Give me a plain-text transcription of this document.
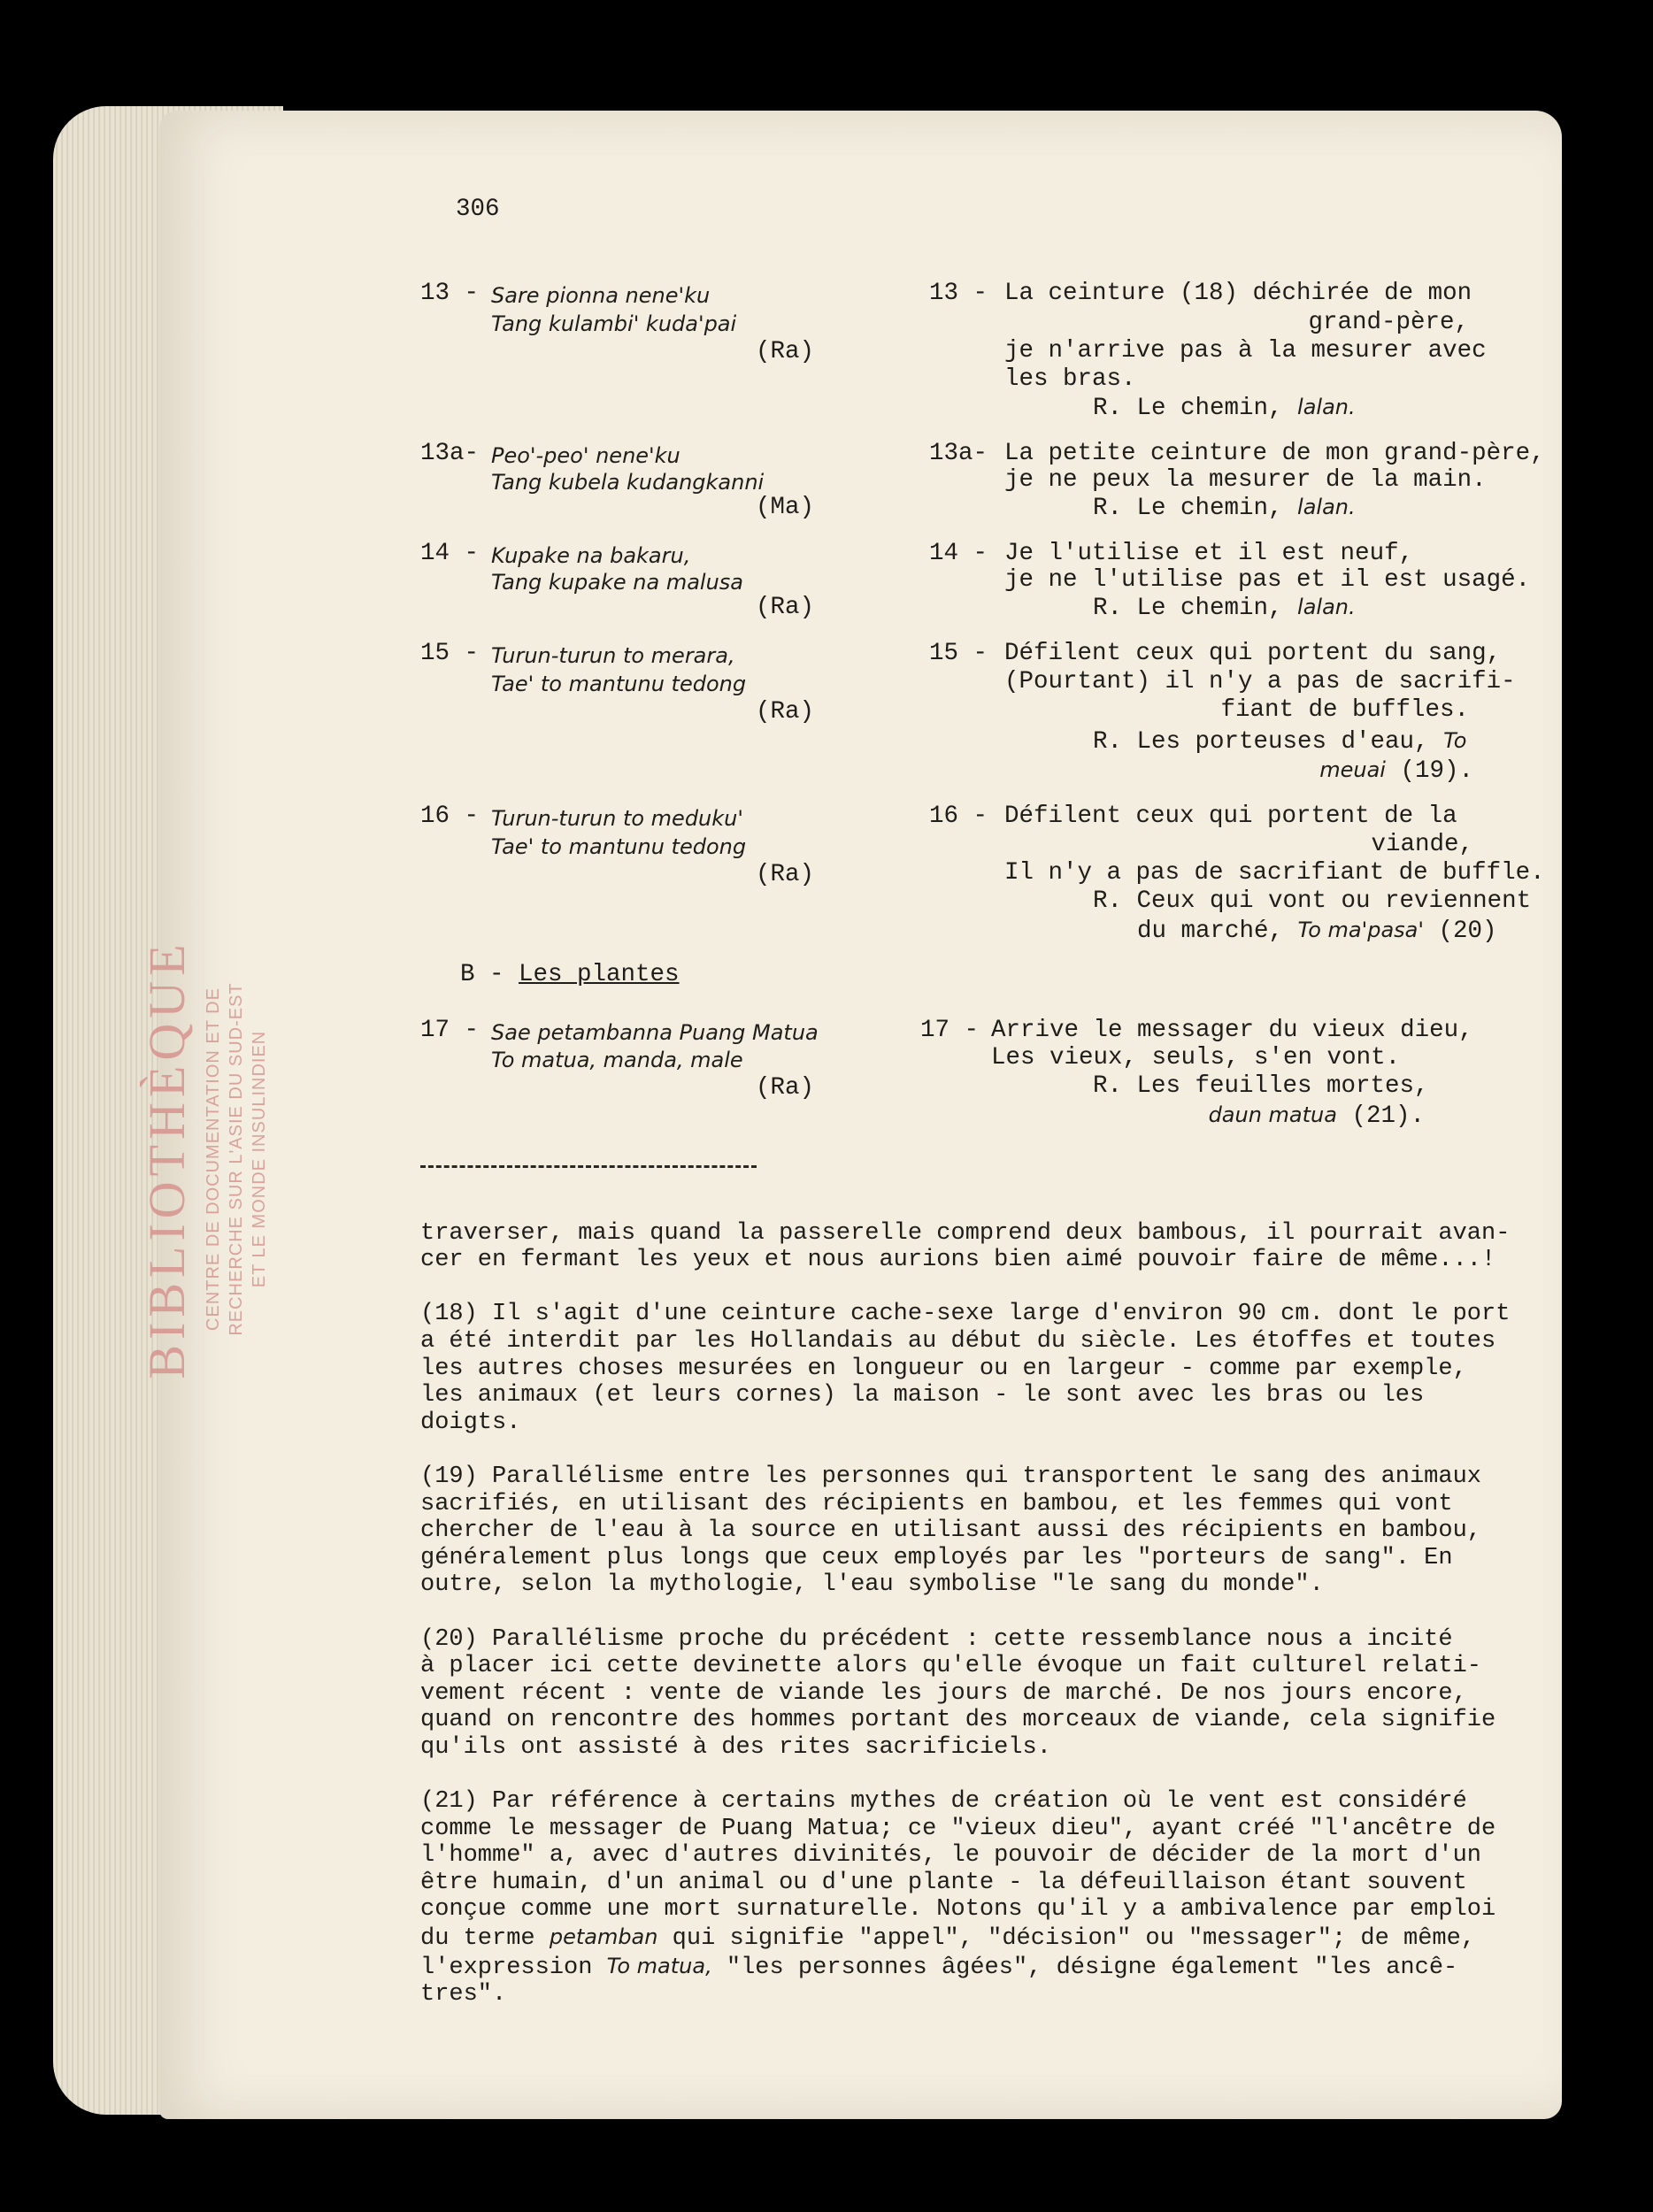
BIBLIOTHÈQUE CENTRE DE DOCUMENTATION ET DE RECHERCHE SUR L'ASIE DU SUD-EST ET LE MONDE INSULINDIEN
306
13 - Sare pionna nene'ku
Tang kulambi' kuda'pai
(Ra)
13 - La ceinture (18) déchirée de mon
grand-père,
je n'arrive pas à la mesurer avec
les bras.
R. Le chemin, lalan.
13a- Peo'-peo' nene'ku
Tang kubela kudangkanni
(Ma)
13a- La petite ceinture de mon grand-père,
je ne peux la mesurer de la main.
R. Le chemin, lalan.
14 - Kupake na bakaru,
Tang kupake na malusa
(Ra)
14 - Je l'utilise et il est neuf,
je ne l'utilise pas et il est usagé.
R. Le chemin, lalan.
15 - Turun-turun to merara,
Tae' to mantunu tedong
(Ra)
15 - Défilent ceux qui portent du sang,
(Pourtant) il n'y a pas de sacrifi-
fiant de buffles.
R. Les porteuses d'eau, To
meuai (19).
16 - Turun-turun to meduku'
Tae' to mantunu tedong
(Ra)
16 - Défilent ceux qui portent de la
viande,
Il n'y a pas de sacrifiant de buffle.
R. Ceux qui vont ou reviennent
du marché, To ma'pasa' (20)
B - Les plantes
17 - Sae petambanna Puang Matua
To matua, manda, male
(Ra)
17 - Arrive le messager du vieux dieu,
Les vieux, seuls, s'en vont.
R. Les feuilles mortes,
daun matua (21).

traverser, mais quand la passerelle comprend deux bambous, il pourrait avan-
cer en fermant les yeux et nous aurions bien aimé pouvoir faire de même...!

(18) Il s'agit d'une ceinture cache-sexe large d'environ 90 cm. dont le port
a été interdit par les Hollandais au début du siècle. Les étoffes et toutes
les autres choses mesurées en longueur ou en largeur - comme par exemple,
les animaux (et leurs cornes) la maison - le sont avec les bras ou les
doigts.

(19) Parallélisme entre les personnes qui transportent le sang des animaux
sacrifiés, en utilisant des récipients en bambou, et les femmes qui vont
chercher de l'eau à la source en utilisant aussi des récipients en bambou,
généralement plus longs que ceux employés par les "porteurs de sang". En
outre, selon la mythologie, l'eau symbolise "le sang du monde".

(20) Parallélisme proche du précédent : cette ressemblance nous a incité
à placer ici cette devinette alors qu'elle évoque un fait culturel relati-
vement récent : vente de viande les jours de marché. De nos jours encore,
quand on rencontre des hommes portant des morceaux de viande, cela signifie
qu'ils ont assisté à des rites sacrificiels.

(21) Par référence à certains mythes de création où le vent est considéré
comme le messager de Puang Matua; ce "vieux dieu", ayant créé "l'ancêtre de
l'homme" a, avec d'autres divinités, le pouvoir de décider de la mort d'un
être humain, d'un animal ou d'une plante - la défeuillaison étant souvent
conçue comme une mort surnaturelle. Notons qu'il y a ambivalence par emploi
du terme petamban qui signifie "appel", "décision" ou "messager"; de même,
l'expression To matua, "les personnes âgées", désigne également "les ancê-
tres".
